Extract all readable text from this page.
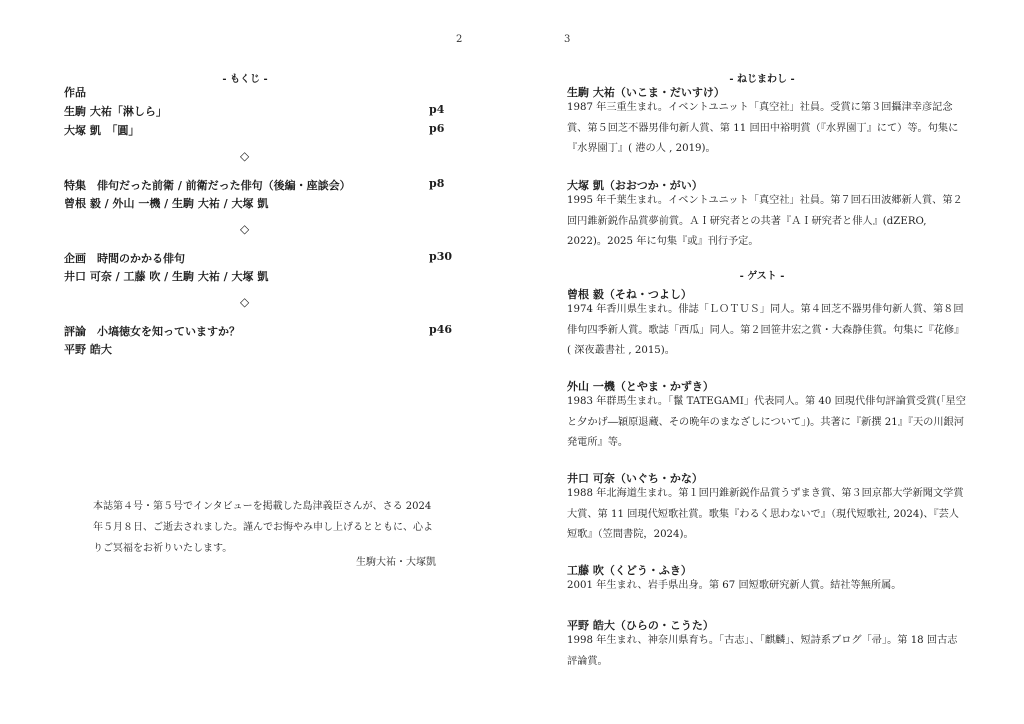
2
- もくじ -
作品
生駒 大祐「淋しら」	p4
大塚 凱　「圓」	p6
◇
特集　俳句だった前衛 / 前衛だった俳句（後編・座談会）	p8
曾根 毅 / 外山 一機 / 生駒 大祐 / 大塚 凱
◇
企画　時間のかかる俳句	p30
井口 可奈 / 工藤 吹 / 生駒 大祐 / 大塚 凱
◇
評論　小塙徳女を知っていますか？	p46
平野 皓大
本誌第４号・第５号でインタビューを掲載した島津義臣さんが、さる 2024 年５月８日、ご逝去されました。謹んでお悔やみ申し上げるとともに、心よりご冥福をお祈りいたします。
生駒大祐・大塚凱
3
- ねじまわし -
生駒 大祐（いこま・だいすけ）
1987 年三重生まれ。イベントユニット「真空社」社員。受賞に第３回攝津幸彦記念賞、第５回芝不器男俳句新人賞、第 11 回田中裕明賞（『水界園丁』にて）等。句集に『水界園丁』( 港の人 , 2019)。
大塚 凱（おおつか・がい）
1995 年千葉生まれ。イベントユニット「真空社」社員。第７回石田波郷新人賞、第２回円錐新鋭作品賞夢前賞。ＡＩ研究者との共著『ＡＩ研究者と俳人』(dZERO, 2022)。2025 年に句集『或』刊行予定。
- ゲスト -
曾根 毅（そね・つよし）
1974 年香川県生まれ。俳誌「ＬＯＴＵＳ」同人。第４回芝不器男俳句新人賞、第８回俳句四季新人賞。歌誌「西瓜」同人。第２回笹井宏之賞・大森静佳賞。句集に『花修』( 深夜叢書社 , 2015)。
外山 一機（とやま・かずき）
1983 年群馬生まれ。「鬣 TATEGAMI」代表同人。第 40 回現代俳句評論賞受賞(「星空と夕かげ―穎原退蔵、その晩年のまなざしについて」)。共著に『新撰 21』『天の川銀河発電所』等。
井口 可奈（いぐち・かな）
1988 年北海道生まれ。第１回円錐新鋭作品賞うずまき賞、第３回京都大学新聞文学賞大賞、第 11 回現代短歌社賞。歌集『わるく思わないで』（現代短歌社, 2024)、『芸人短歌』（笠間書院，2024)。
工藤 吹（くどう・ふき）
2001 年生まれ、岩手県出身。第 67 回短歌研究新人賞。結社等無所属。
平野 皓大（ひらの・こうた）
1998 年生まれ、神奈川県育ち。「古志」、「麒麟」、短詩系ブログ「帚」。第 18 回古志評論賞。
